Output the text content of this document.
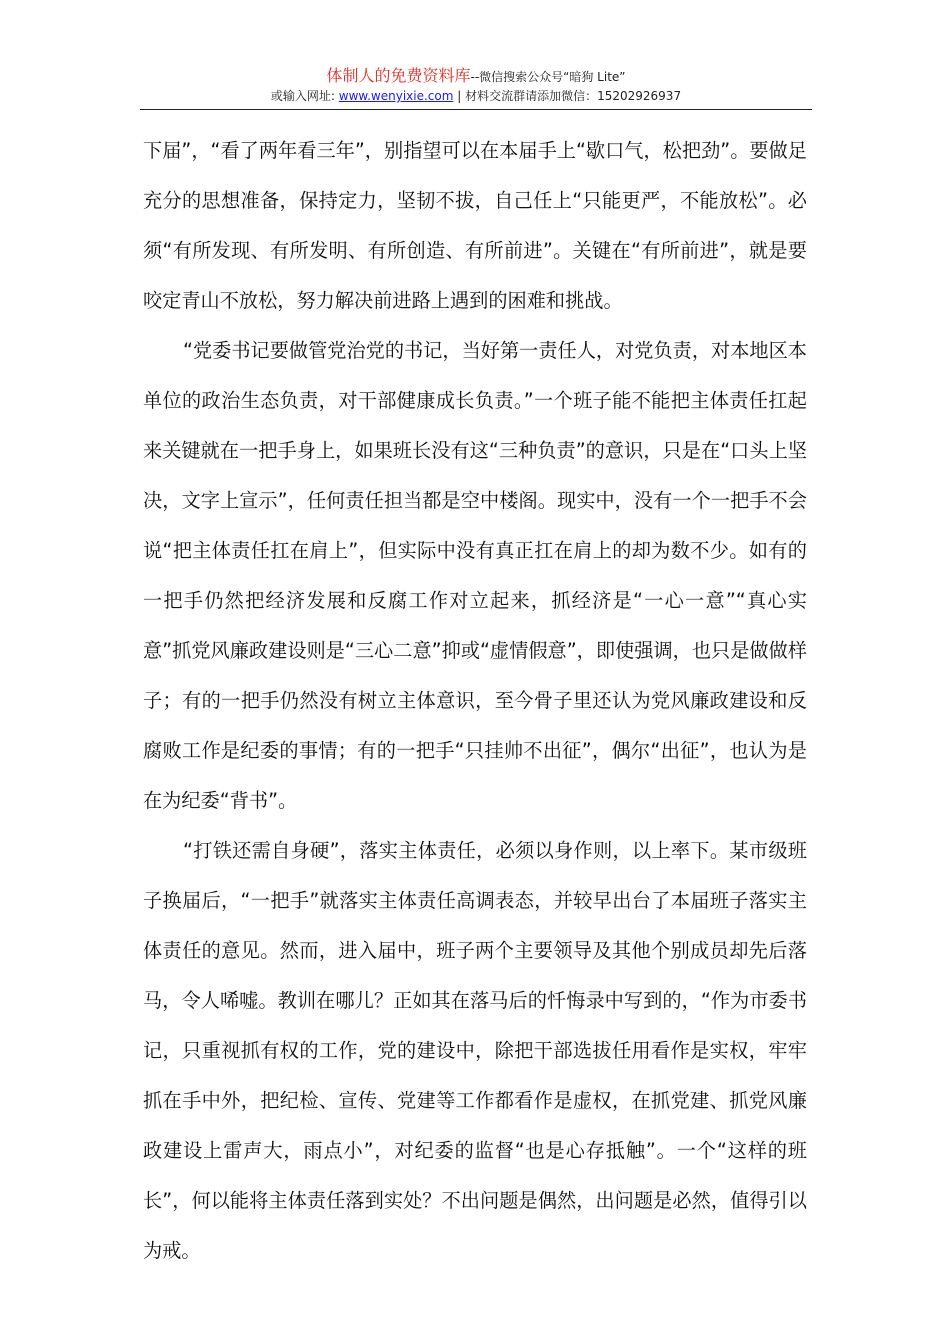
体制人的免费资料库--微信搜索公众号“暗狗 Lite”
或输入网址: www.wenyixie.com | 材料交流群请添加微信：15202926937

下届”，“看了两年看三年”，别指望可以在本届手上“歇口气，松把劲”。要做足充分的思想准备，保持定力，坚韧不拔，自己任上“只能更严，不能放松”。必须“有所发现、有所发明、有所创造、有所前进”。关键在“有所前进”，就是要咬定青山不放松，努力解决前进路上遇到的困难和挑战。

“党委书记要做管党治党的书记，当好第一责任人，对党负责，对本地区本单位的政治生态负责，对干部健康成长负责。”一个班子能不能把主体责任扛起来关键就在一把手身上，如果班长没有这“三种负责”的意识，只是在“口头上坚决，文字上宣示”，任何责任担当都是空中楼阁。现实中，没有一个一把手不会说“把主体责任扛在肩上”，但实际中没有真正扛在肩上的却为数不少。如有的一把手仍然把经济发展和反腐工作对立起来，抓经济是“一心一意”“真心实意”抓党风廉政建设则是“三心二意”抑或“虚情假意”，即使强调，也只是做做样子；有的一把手仍然没有树立主体意识，至今骨子里还认为党风廉政建设和反腐败工作是纪委的事情；有的一把手“只挂帅不出征”，偶尔“出征”，也认为是在为纪委“背书”。

“打铁还需自身硬”，落实主体责任，必须以身作则，以上率下。某市级班子换届后，“一把手”就落实主体责任高调表态，并较早出台了本届班子落实主体责任的意见。然而，进入届中，班子两个主要领导及其他个别成员却先后落马，令人唏嘘。教训在哪儿？正如其在落马后的忏悔录中写到的，“作为市委书记，只重视抓有权的工作，党的建设中，除把干部选拔任用看作是实权，牢牢抓在手中外，把纪检、宣传、党建等工作都看作是虚权，在抓党建、抓党风廉政建设上雷声大，雨点小”，对纪委的监督“也是心存抵触”。一个“这样的班长”，何以能将主体责任落到实处？不出问题是偶然，出问题是必然，值得引以为戒。
